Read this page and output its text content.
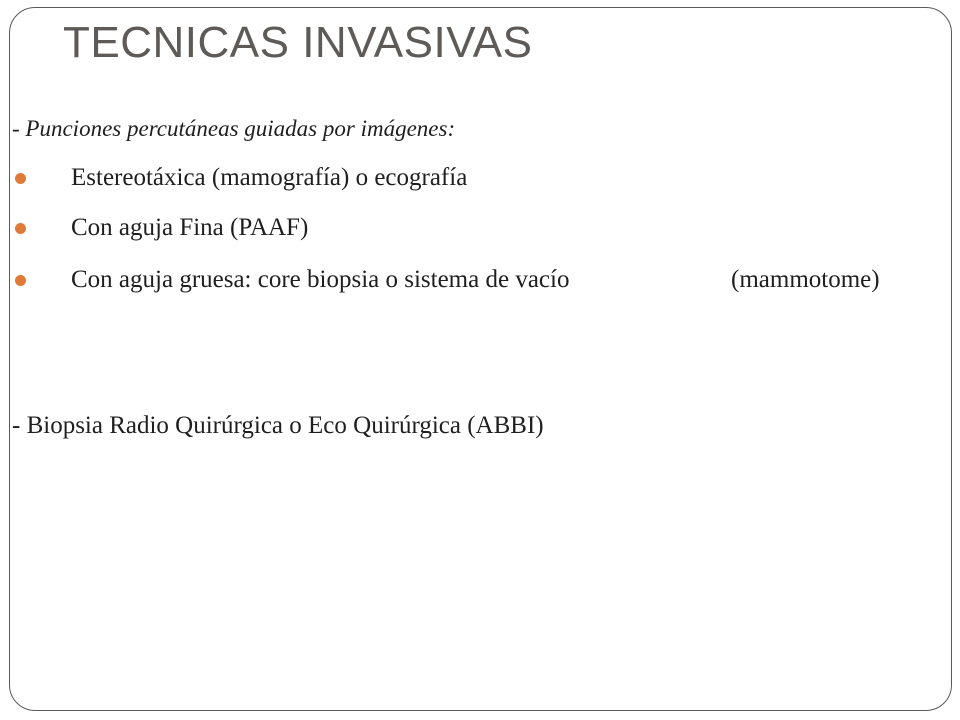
TECNICAS INVASIVAS
- Punciones percutáneas guiadas por imágenes:
Estereotáxica (mamografía) o ecografía
Con aguja Fina (PAAF)
Con aguja gruesa: core biopsia o sistema de vacío	(mammotome)
- Biopsia Radio Quirúrgica o Eco Quirúrgica (ABBI)
